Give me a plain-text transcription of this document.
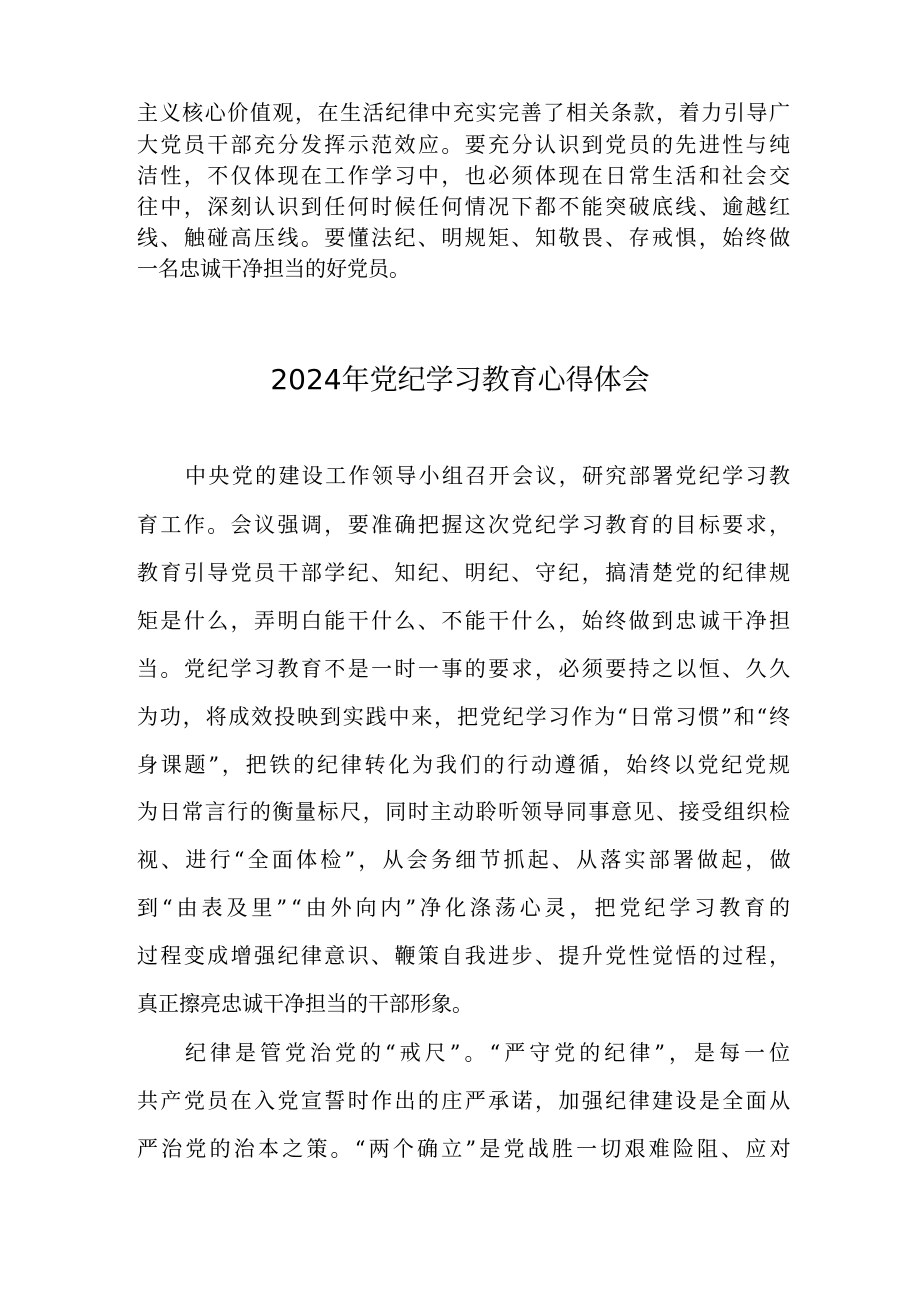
主义核心价值观，在生活纪律中充实完善了相关条款，着力引导广
大党员干部充分发挥示范效应。要充分认识到党员的先进性与纯
洁性，不仅体现在工作学习中，也必须体现在日常生活和社会交
往中，深刻认识到任何时候任何情况下都不能突破底线、逾越红
线、触碰高压线。要懂法纪、明规矩、知敬畏、存戒惧，始终做
一名忠诚干净担当的好党员。
2024年党纪学习教育心得体会
中央党的建设工作领导小组召开会议，研究部署党纪学习教
育工作。会议强调，要准确把握这次党纪学习教育的目标要求，
教育引导党员干部学纪、知纪、明纪、守纪，搞清楚党的纪律规
矩是什么，弄明白能干什么、不能干什么，始终做到忠诚干净担
当。党纪学习教育不是一时一事的要求，必须要持之以恒、久久
为功，将成效投映到实践中来，把党纪学习作为“日常习惯”和“终
身课题”，把铁的纪律转化为我们的行动遵循，始终以党纪党规
为日常言行的衡量标尺，同时主动聆听领导同事意见、接受组织检
视、进行“全面体检”，从会务细节抓起、从落实部署做起，做
到“由表及里”“由外向内”净化涤荡心灵，把党纪学习教育的
过程变成增强纪律意识、鞭策自我进步、提升党性觉悟的过程，
真正擦亮忠诚干净担当的干部形象。
纪律是管党治党的“戒尺”。“严守党的纪律”，是每一位
共产党员在入党宣誓时作出的庄严承诺，加强纪律建设是全面从
严治党的治本之策。“两个确立”是党战胜一切艰难险阻、应对
